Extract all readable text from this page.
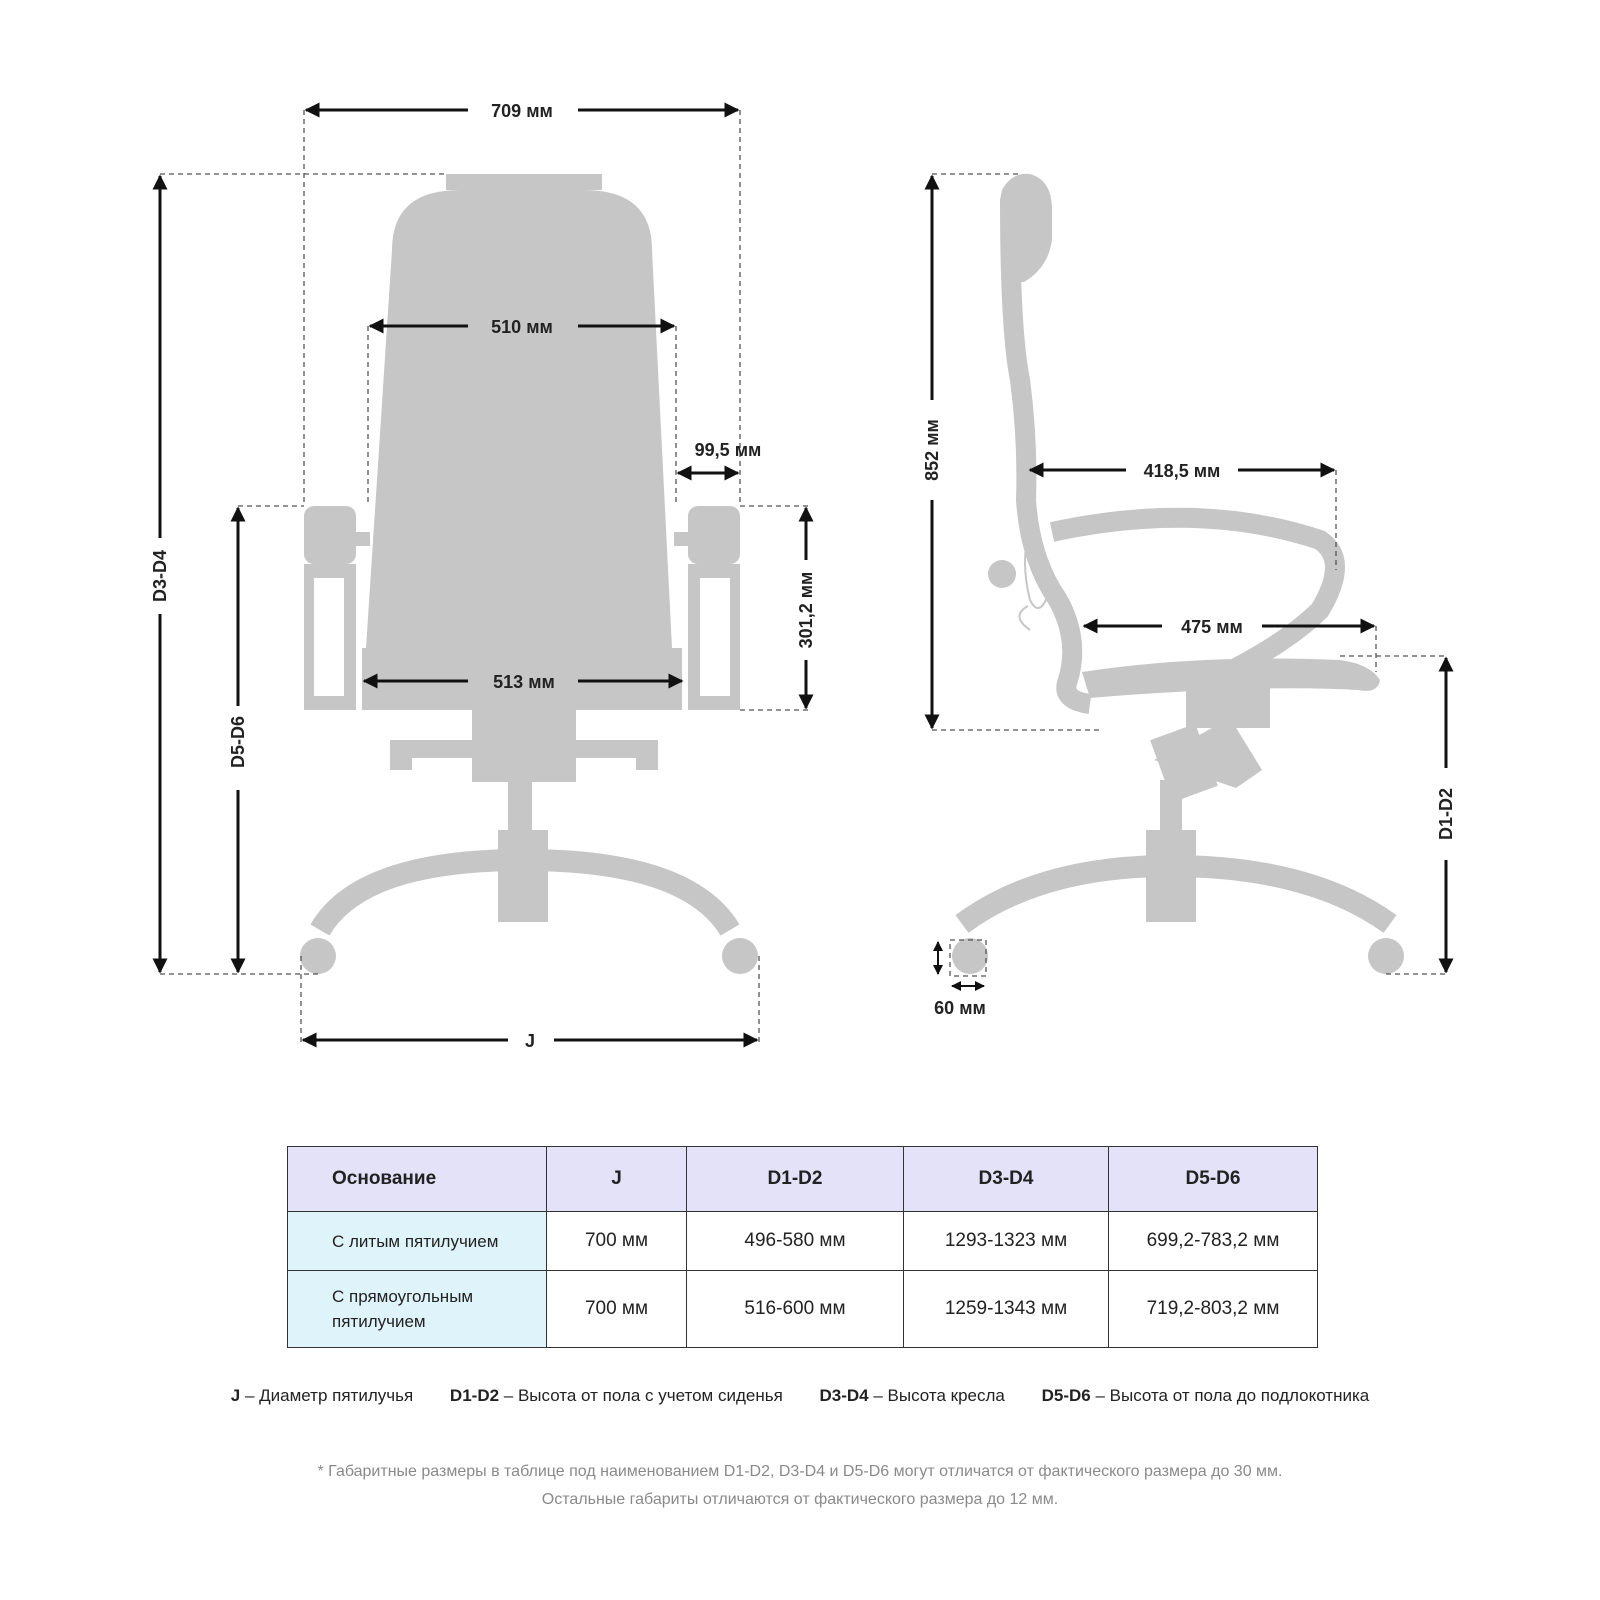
709 мм
510 мм
99,5 мм
513 мм
301,2 мм
D3-D4
D5-D6
J
852 мм	418,5 мм
475 мм
D1-D2
60 мм
Основание	J	D1-D2	D3-D4	D5-D6
С литым пятилучием	700 мм	496-580 мм	1293-1323 мм	699,2-783,2 мм
С прямоугольным пятилучием	700 мм	516-600 мм	1259-1343 мм	719,2-803,2 мм
J – Диаметр пятилучья D1-D2 – Высота от пола с учетом сиденья D3-D4 – Высота кресла D5-D6 – Высота от пола до подлокотника
* Габаритные размеры в таблице под наименованием D1-D2, D3-D4 и D5-D6 могут отличатся от фактического размера до 30 мм.
Остальные габариты отличаются от фактического размера до 12 мм.
